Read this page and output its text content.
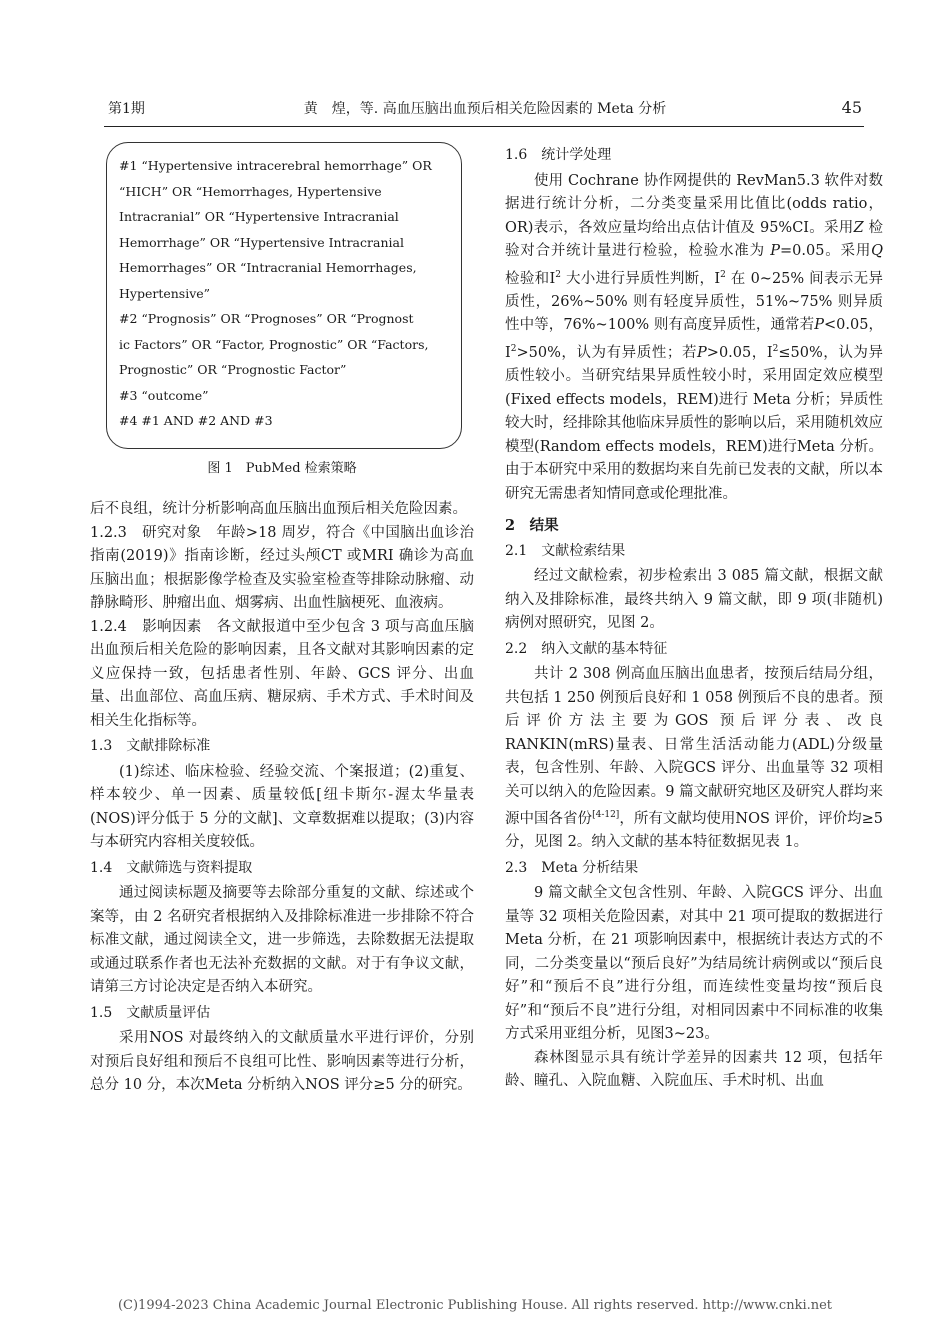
第1期	黄　煌，等. 高血压脑出血预后相关危险因素的 Meta 分析	45
#1 “Hypertensive intracerebral hemorrhage” OR
“HICH” OR “Hemorrhages, Hypertensive
Intracranial” OR “Hypertensive Intracranial
Hemorrhage” OR “Hypertensive Intracranial
Hemorrhages” OR “Intracranial Hemorrhages,
Hypertensive”
#2 “Prognosis” OR “Prognoses” OR “Prognost
ic Factors” OR “Factor, Prognostic” OR “Factors,
Prognostic” OR “Prognostic Factor”
#3 “outcome”
#4 #1 AND #2 AND #3
图 1　PubMed 检索策略

后不良组，统计分析影响高血压脑出血预后相关危险因素。

1.2.3　研究对象　年龄>18 周岁，符合《中国脑出血诊治指南(2019)》指南诊断，经过头颅CT 或MRI 确诊为高血压脑出血；根据影像学检查及实验室检查等排除动脉瘤、动静脉畸形、肿瘤出血、烟雾病、出血性脑梗死、血液病。

1.2.4　影响因素　各文献报道中至少包含 3 项与高血压脑出血预后相关危险的影响因素，且各文献对其影响因素的定义应保持一致，包括患者性别、年龄、GCS 评分、出血量、出血部位、高血压病、糖尿病、手术方式、手术时间及相关生化指标等。

1.3　文献排除标准

(1)综述、临床检验、经验交流、个案报道；(2)重复、样本较少、单一因素、质量较低[纽卡斯尔-渥太华量表(NOS)评分低于 5 分的文献]、文章数据难以提取；(3)内容与本研究内容相关度较低。

1.4　文献筛选与资料提取

通过阅读标题及摘要等去除部分重复的文献、综述或个案等，由 2 名研究者根据纳入及排除标准进一步排除不符合标准文献，通过阅读全文，进一步筛选，去除数据无法提取或通过联系作者也无法补充数据的文献。对于有争议文献，请第三方讨论决定是否纳入本研究。

1.5　文献质量评估

采用NOS 对最终纳入的文献质量水平进行评价，分别对预后良好组和预后不良组可比性、影响因素等进行分析，总分 10 分，本次Meta 分析纳入NOS 评分≥5 分的研究。

1.6　统计学处理

使用 Cochrane 协作网提供的 RevMan5.3 软件对数据进行统计分析，二分类变量采用比值比(odds ratio，OR)表示，各效应量均给出点估计值及 95%CI。采用Z 检验对合并统计量进行检验，检验水准为 P=0.05。采用Q 检验和$I^2$ 大小进行异质性判断，$I^2$ 在 0~25% 间表示无异质性，26%~50% 则有轻度异质性，51%~75% 则异质性中等，76%~100% 则有高度异质性，通常若P<0.05，$I^2>50\%$，认为有异质性；若P>0.05，$I^2\le 50\%$，认为异质性较小。当研究结果异质性较小时，采用固定效应模型(Fixed effects models，REM)进行 Meta 分析；异质性较大时，经排除其他临床异质性的影响以后，采用随机效应模型(Random effects models，REM)进行Meta 分析。由于本研究中采用的数据均来自先前已发表的文献，所以本研究无需患者知情同意或伦理批准。

2　结果
2.1　文献检索结果

经过文献检索，初步检索出 3 085 篇文献，根据文献纳入及排除标准，最终共纳入 9 篇文献，即 9 项(非随机)病例对照研究，见图 2。

2.2　纳入文献的基本特征

共计 2 308 例高血压脑出血患者，按预后结局分组，共包括 1 250 例预后良好和 1 058 例预后不良的患者。预后评价方法主要为GOS 预后评分表、改良RANKIN(mRS)量表、日常生活活动能力(ADL)分级量表，包含性别、年龄、入院GCS 评分、出血量等 32 项相关可以纳入的危险因素。9 篇文献研究地区及研究人群均来源中国各省份[4-12]，所有文献均使用NOS 评价，评价均≥5 分，见图 2。纳入文献的基本特征数据见表 1。

2.3　Meta 分析结果

9 篇文献全文包含性别、年龄、入院GCS 评分、出血量等 32 项相关危险因素，对其中 21 项可提取的数据进行Meta 分析，在 21 项影响因素中，根据统计表达方式的不同，二分类变量以“预后良好”为结局统计病例或以“预后良好”和“预后不良”进行分组，而连续性变量均按“预后良好”和“预后不良”进行分组，对相同因素中不同标准的收集方式采用亚组分析，见图3~23。

森林图显示具有统计学差异的因素共 12 项，包括年龄、瞳孔、入院血糖、入院血压、手术时机、出血

(C)1994-2023 China Academic Journal Electronic Publishing House. All rights reserved. http://www.cnki.net
